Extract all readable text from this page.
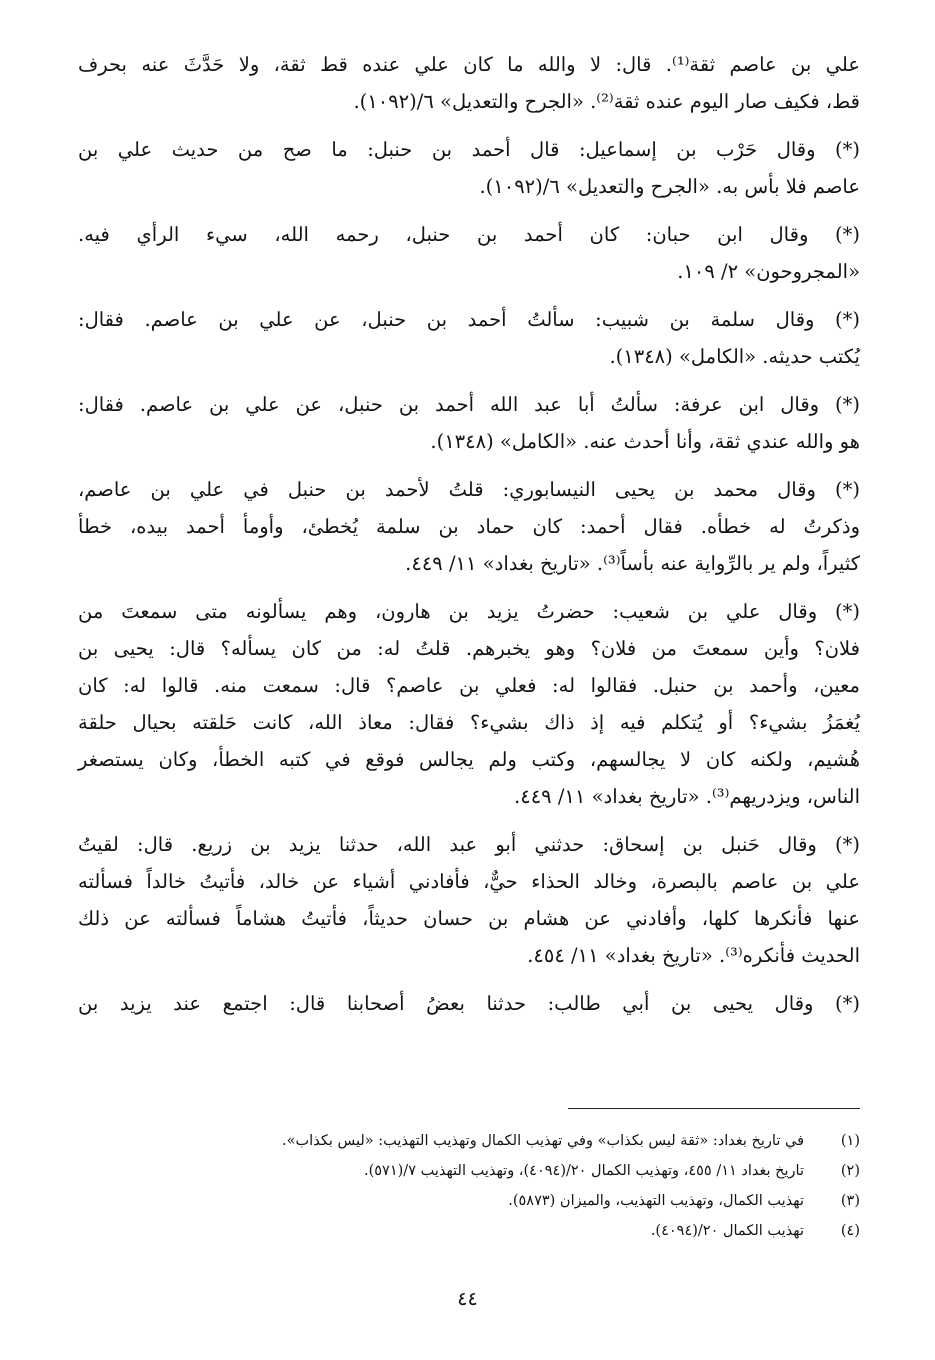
علي بن عاصم ثقة⁽¹⁾. قال: لا والله ما كان علي عنده قط ثقة، ولا حَدَّثَ عنه بحرف
قط، فكيف صار اليوم عنده ثقة⁽²⁾. «الجرح والتعديل» ٦/(١٠٩٢).

(*) وقال حَرْب بن إسماعيل: قال أحمد بن حنبل: ما صح من حديث علي بن
عاصم فلا بأس به. «الجرح والتعديل» ٦/(١٠٩٢).

(*) وقال ابن حبان: كان أحمد بن حنبل، رحمه الله، سيء الرأي فيه.
«المجروحون» ٢/ ١٠٩.

(*) وقال سلمة بن شبيب: سألتُ أحمد بن حنبل، عن علي بن عاصم. فقال:
يُكتب حديثه. «الكامل» (١٣٤٨).

(*) وقال ابن عرفة: سألتُ أبا عبد الله أحمد بن حنبل، عن علي بن عاصم. فقال:
هو والله عندي ثقة، وأنا أحدث عنه. «الكامل» (١٣٤٨).

(*) وقال محمد بن يحيى النيسابوري: قلتُ لأحمد بن حنبل في علي بن عاصم،
وذكرتُ له خطأه. فقال أحمد: كان حماد بن سلمة يُخطئ، وأومأ أحمد بيده، خطأ
كثيراً، ولم ير بالرِّواية عنه بأساً⁽³⁾. «تاريخ بغداد» ١١/ ٤٤٩.

(*) وقال علي بن شعيب: حضرتُ يزيد بن هارون، وهم يسألونه متى سمعتَ من
فلان؟ وأين سمعتَ من فلان؟ وهو يخبرهم. قلتُ له: من كان يسأله؟ قال: يحيى بن
معين، وأحمد بن حنبل. فقالوا له: فعلي بن عاصم؟ قال: سمعت منه. قالوا له: كان
يُغمَزُ بشيء؟ أو يُتكلم فيه إذ ذاك بشيء؟ فقال: معاذ الله، كانت حَلقته بحيال حلقة
هُشيم، ولكنه كان لا يجالسهم، وكتب ولم يجالس فوقع في كتبه الخطأ، وكان يستصغر
الناس، ويزدريهم⁽³⁾. «تاريخ بغداد» ١١/ ٤٤٩.

(*) وقال حَنبل بن إسحاق: حدثني أبو عبد الله، حدثنا يزيد بن زريع. قال: لقيتُ
علي بن عاصم بالبصرة، وخالد الحذاء حيٌّ، فأفادني أشياء عن خالد، فأتيتُ خالداً فسألته
عنها فأنكرها كلها، وأفادني عن هشام بن حسان حديثاً، فأتيتُ هشاماً فسألته عن ذلك
الحديث فأنكره⁽³⁾. «تاريخ بغداد» ١١/ ٤٥٤.

(*) وقال يحيى بن أبي طالب: حدثنا بعضُ أصحابنا قال: اجتمع عند يزيد بن

(١)
في تاريخ بغداد: «ثقة ليس بكذاب» وفي تهذيب الكمال وتهذيب التهذيب: «ليس بكذاب».
(٢)
تاريخ بغداد ١١/ ٤٥٥، وتهذيب الكمال ٢٠/(٤٠٩٤)، وتهذيب التهذيب ٧/(٥٧١).
(٣)
تهذيب الكمال، وتهذيب التهذيب، والميزان (٥٨٧٣).
(٤)
تهذيب الكمال ٢٠/(٤٠٩٤).
٤٤
